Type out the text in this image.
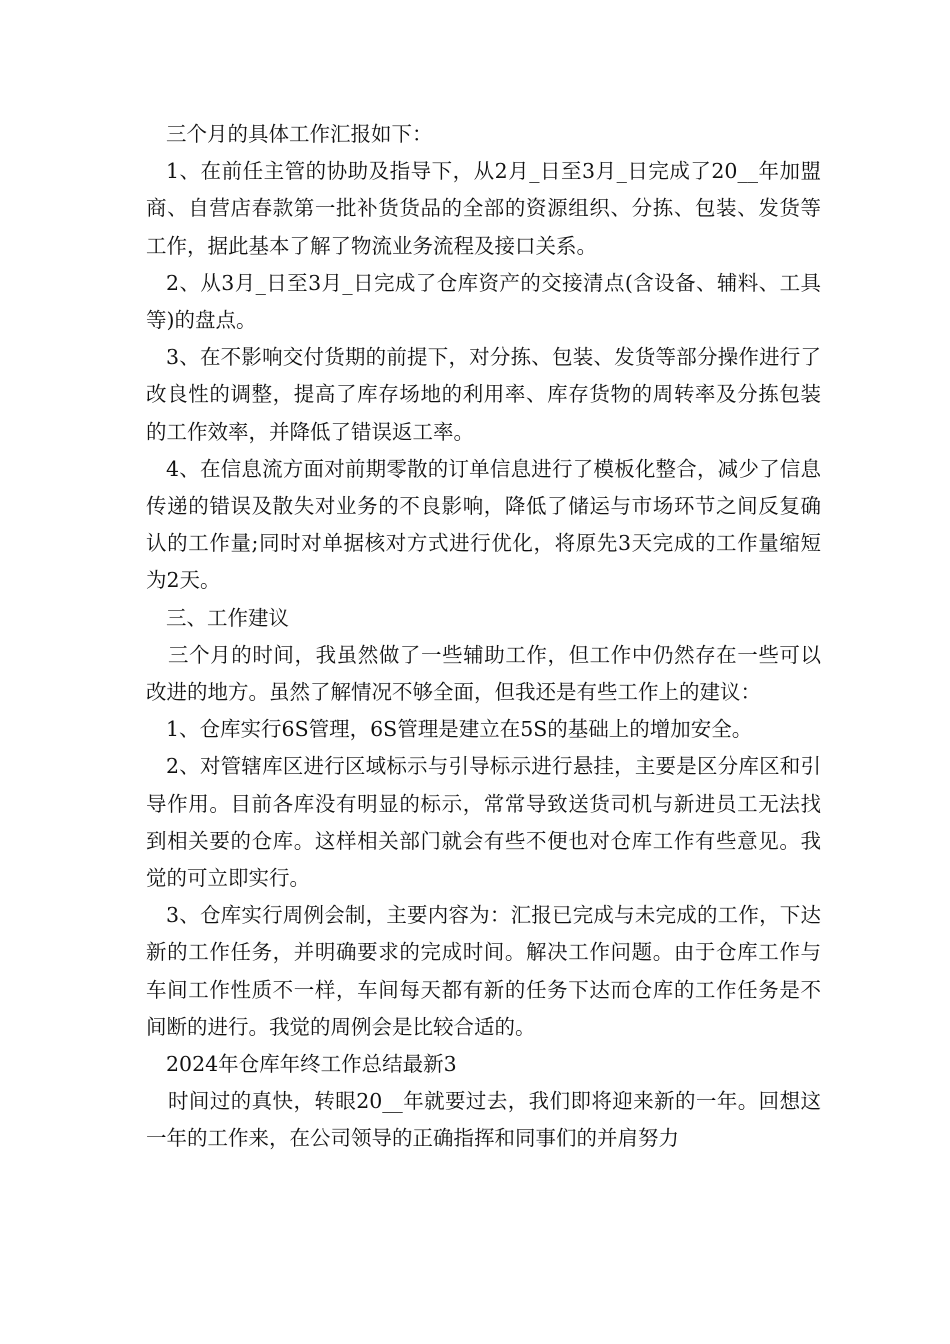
三个月的具体工作汇报如下：

1、在前任主管的协助及指导下，从2月_日至3月_日完成了20__年加盟商、自营店春款第一批补货货品的全部的资源组织、分拣、包装、发货等工作，据此基本了解了物流业务流程及接口关系。

2、从3月_日至3月_日完成了仓库资产的交接清点(含设备、辅料、工具等)的盘点。

3、在不影响交付货期的前提下，对分拣、包装、发货等部分操作进行了改良性的调整，提高了库存场地的利用率、库存货物的周转率及分拣包装的工作效率，并降低了错误返工率。

4、在信息流方面对前期零散的订单信息进行了模板化整合，减少了信息传递的错误及散失对业务的不良影响，降低了储运与市场环节之间反复确认的工作量;同时对单据核对方式进行优化，将原先3天完成的工作量缩短为2天。

三、工作建议

三个月的时间，我虽然做了一些辅助工作，但工作中仍然存在一些可以改进的地方。虽然了解情况不够全面，但我还是有些工作上的建议：

1、仓库实行6S管理，6S管理是建立在5S的基础上的增加安全。

2、对管辖库区进行区域标示与引导标示进行悬挂，主要是区分库区和引导作用。目前各库没有明显的标示，常常导致送货司机与新进员工无法找到相关要的仓库。这样相关部门就会有些不便也对仓库工作有些意见。我觉的可立即实行。

3、仓库实行周例会制，主要内容为：汇报已完成与未完成的工作，下达新的工作任务，并明确要求的完成时间。解决工作问题。由于仓库工作与车间工作性质不一样，车间每天都有新的任务下达而仓库的工作任务是不间断的进行。我觉的周例会是比较合适的。

2024年仓库年终工作总结最新3

时间过的真快，转眼20__年就要过去，我们即将迎来新的一年。回想这一年的工作来，在公司领导的正确指挥和同事们的并肩努力
